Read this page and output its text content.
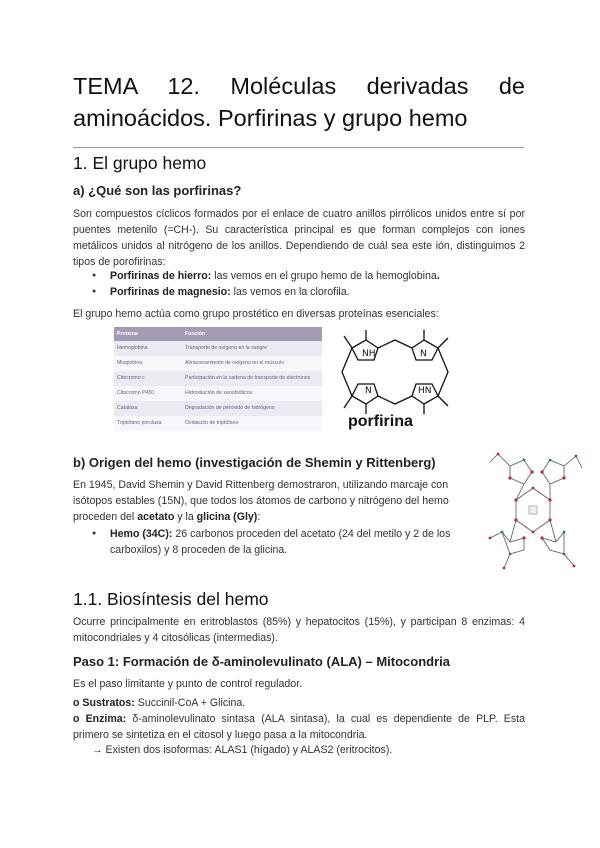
TEMA 12. Moléculas derivadas de aminoácidos. Porfirinas y grupo hemo
1. El grupo hemo
a) ¿Qué son las porfirinas?
Son compuestos cíclicos formados por el enlace de cuatro anillos pirrólicos unidos entre sí por puentes metenilo (=CH-). Su característica principal es que forman complejos con iones metálicos unidos al nitrógeno de los anillos. Dependiendo de cuál sea este ión, distinguimos 2 tipos de porofirinas:
● Porfirinas de hierro: las vemos en el grupo hemo de la hemoglobina.
● Porfirinas de magnesio: las vemos en la clorofila.
El grupo hemo actúa como grupo prostético en diversas proteínas esenciales:
Proteína	Función
Hemoglobina	Transporte de oxígeno en la sangre
Mioglobina	Almacenamiento de oxígeno en el músculo
Citocromo c	Participación en la cadena de transporte de electrones
Citocromo P450	Hidroxilación de xenobióticos
Catalasa	Degradación de peróxido de hidrógeno
Triptófano pirrolasa	Oxidación de triptófano
NH	N
N	HN
porfirina
b) Origen del hemo (investigación de Shemin y Rittenberg)
En 1945, David Shemin y David Rittenberg demostraron, utilizando marcaje con isótopos estables (15N), que todos los átomos de carbono y nitrógeno del hemo proceden del acetato y la glicina (Gly):
● Hemo (34C): 26 carbonos proceden del acetato (24 del metilo y 2 de los carboxilos) y 8 proceden de la glicina.
1.1. Biosíntesis del hemo
Ocurre principalmente en eritroblastos (85%) y hepatocitos (15%), y participan 8 enzimas: 4 mitocondriales y 4 citosólicas (intermedias).
Paso 1: Formación de δ-aminolevulinato (ALA) – Mitocondria
Es el paso limitante y punto de control regulador.
o Sustratos: Succinil-CoA + Glicina.
o Enzima: δ-aminolevulinato sintasa (ALA sintasa), la cual es dependiente de PLP. Esta primero se sintetiza en el citosol y luego pasa a la mitocondria.
→ Existen dos isoformas: ALAS1 (hígado) y ALAS2 (eritrocitos).
